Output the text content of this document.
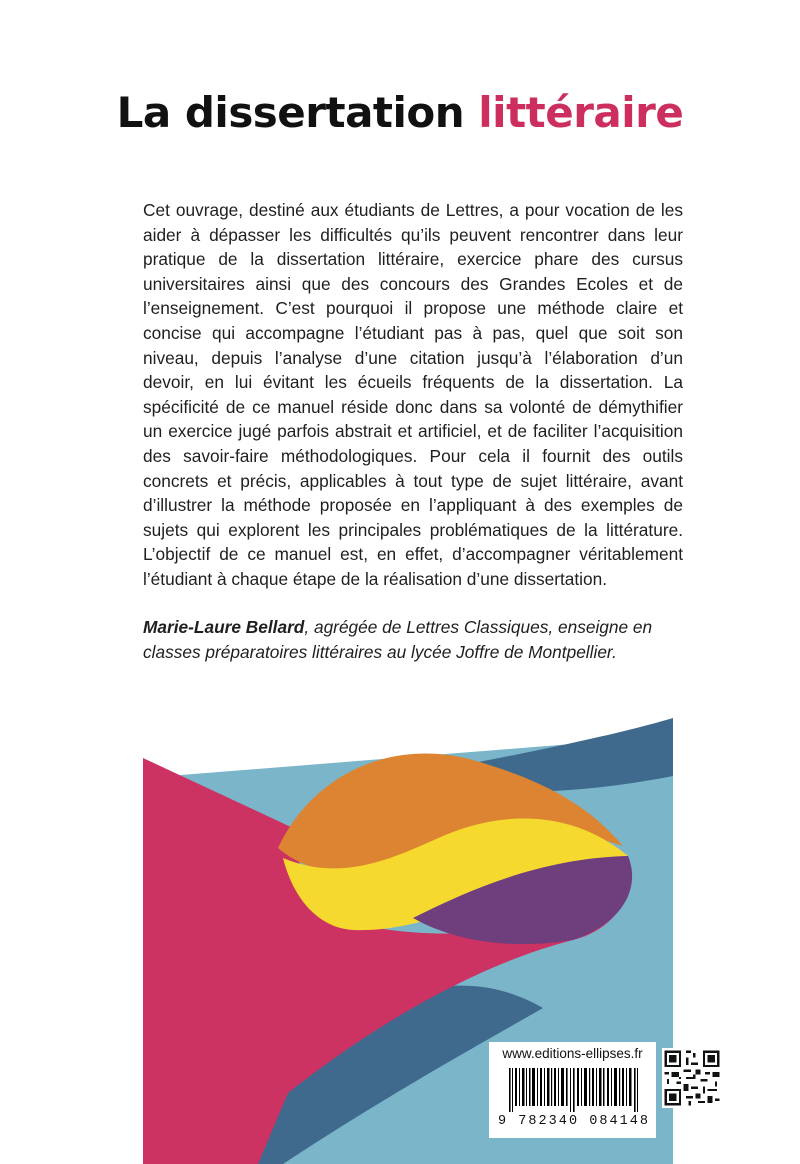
La dissertation littéraire

Cet ouvrage, destiné aux étudiants de Lettres, a pour vocation de les aider à dépasser les difficultés qu’ils peuvent rencontrer dans leur pratique de la dissertation littéraire, exercice phare des cursus universitaires ainsi que des concours des Grandes Ecoles et de l’enseignement. C’est pourquoi il propose une méthode claire et concise qui accompagne l’étudiant pas à pas, quel que soit son niveau, depuis l’analyse d’une citation jusqu’à l’élaboration d’un devoir, en lui évitant les écueils fréquents de la dissertation. La spécificité de ce manuel réside donc dans sa volonté de démythifier un exercice jugé parfois abstrait et artificiel, et de faciliter l’acquisition des savoir-faire méthodologiques. Pour cela il fournit des outils concrets et précis, applicables à tout type de sujet littéraire, avant d’illustrer la méthode proposée en l’appliquant à des exemples de sujets qui explorent les principales problématiques de la littérature. L’objectif de ce manuel est, en effet, d’accompagner véritablement l’étudiant à chaque étape de la réalisation d’une dissertation.

Marie-Laure Bellard, agrégée de Lettres Classiques, enseigne en classes préparatoires littéraires au lycée Joffre de Montpellier.

www.editions-ellipses.fr
9 782340 084148
